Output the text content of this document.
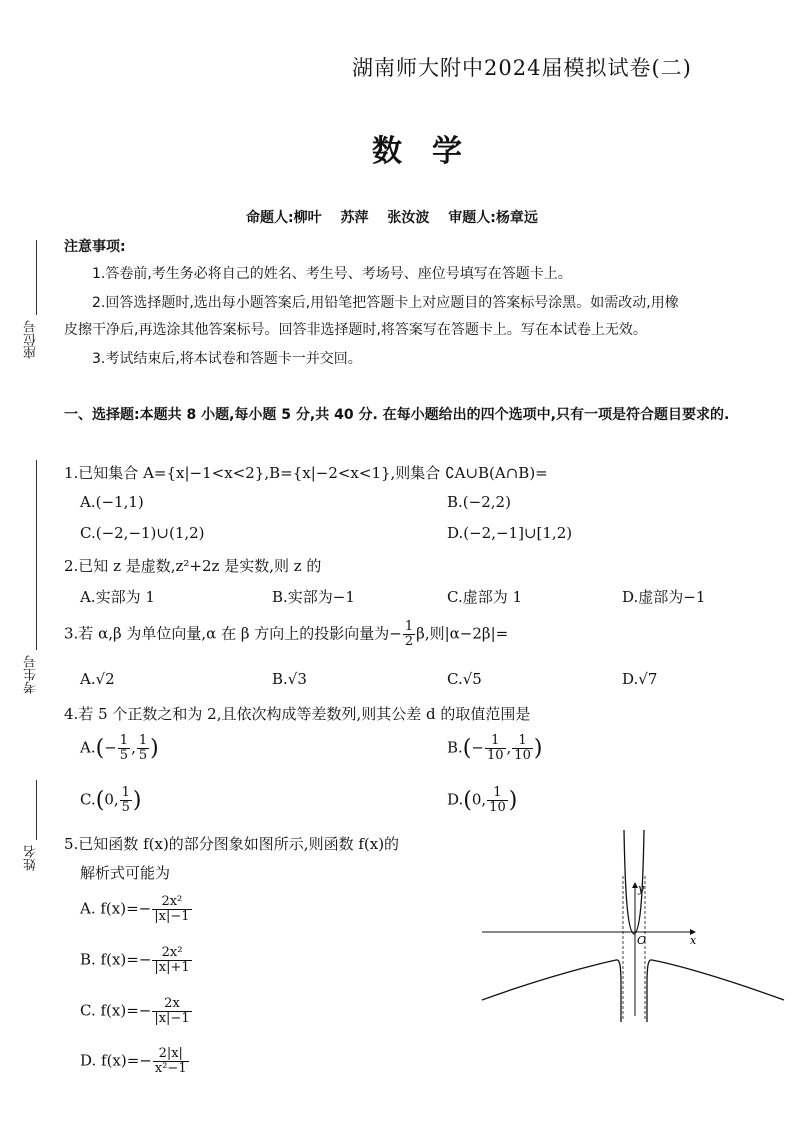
湖南师大附中2024届模拟试卷(二)
数学
命题人:柳叶 苏萍 张汝波 审题人:杨章远
注意事项:
1.答卷前,考生务必将自己的姓名、考生号、考场号、座位号填写在答题卡上。
2.回答选择题时,选出每小题答案后,用铅笔把答题卡上对应题目的答案标号涂黑。如需改动,用橡
皮擦干净后,再选涂其他答案标号。回答非选择题时,将答案写在答题卡上。写在本试卷上无效。
3.考试结束后,将本试卷和答题卡一并交回。
座位号
考生号
姓名
一、选择题:本题共 8 小题,每小题 5 分,共 40 分. 在每小题给出的四个选项中,只有一项是符合题目要求的.
1.已知集合 A={x|−1<x<2},B={x|−2<x<1},则集合 ∁A∪B(A∩B)=
A.(−1,1)	B.(−2,2)
C.(−2,−1)∪(1,2)	D.(−2,−1]∪[1,2)
2.已知 z 是虚数,z²+2z 是实数,则 z 的
A.实部为 1	B.实部为−1	C.虚部为 1	D.虚部为−1
3.若 α,β 为单位向量,α 在 β 方向上的投影向量为− $\frac{1}{2} \beta$,则|α−2β|=
A.√2	B.√3	C.√5	D.√7
4.若 5 个正数之和为 2,且依次构成等差数列,则其公差 d 的取值范围是
$A.(- \frac{1}{5}$ , $\frac{1}{5}$ )	$B.(- \frac{1}{10}$ , $\frac{1}{10}$ )
C.(0, $\frac{1}{5}$ )	D.(0, $\frac{1}{10}$ )
5.已知函数 f(x)的部分图象如图所示,则函数 f(x)的
解析式可能为
A. $f(x)=- \frac{\text{2x²}}{|x|-1}$
B. $f(x)=- \frac{\text{2x²}}{|x|+1}$
C. $f(x)=- \frac{2x}{|x|-1}$
D. $f(x)=- \frac{2|x|}{\text{x²−1}}$
x
y
O
